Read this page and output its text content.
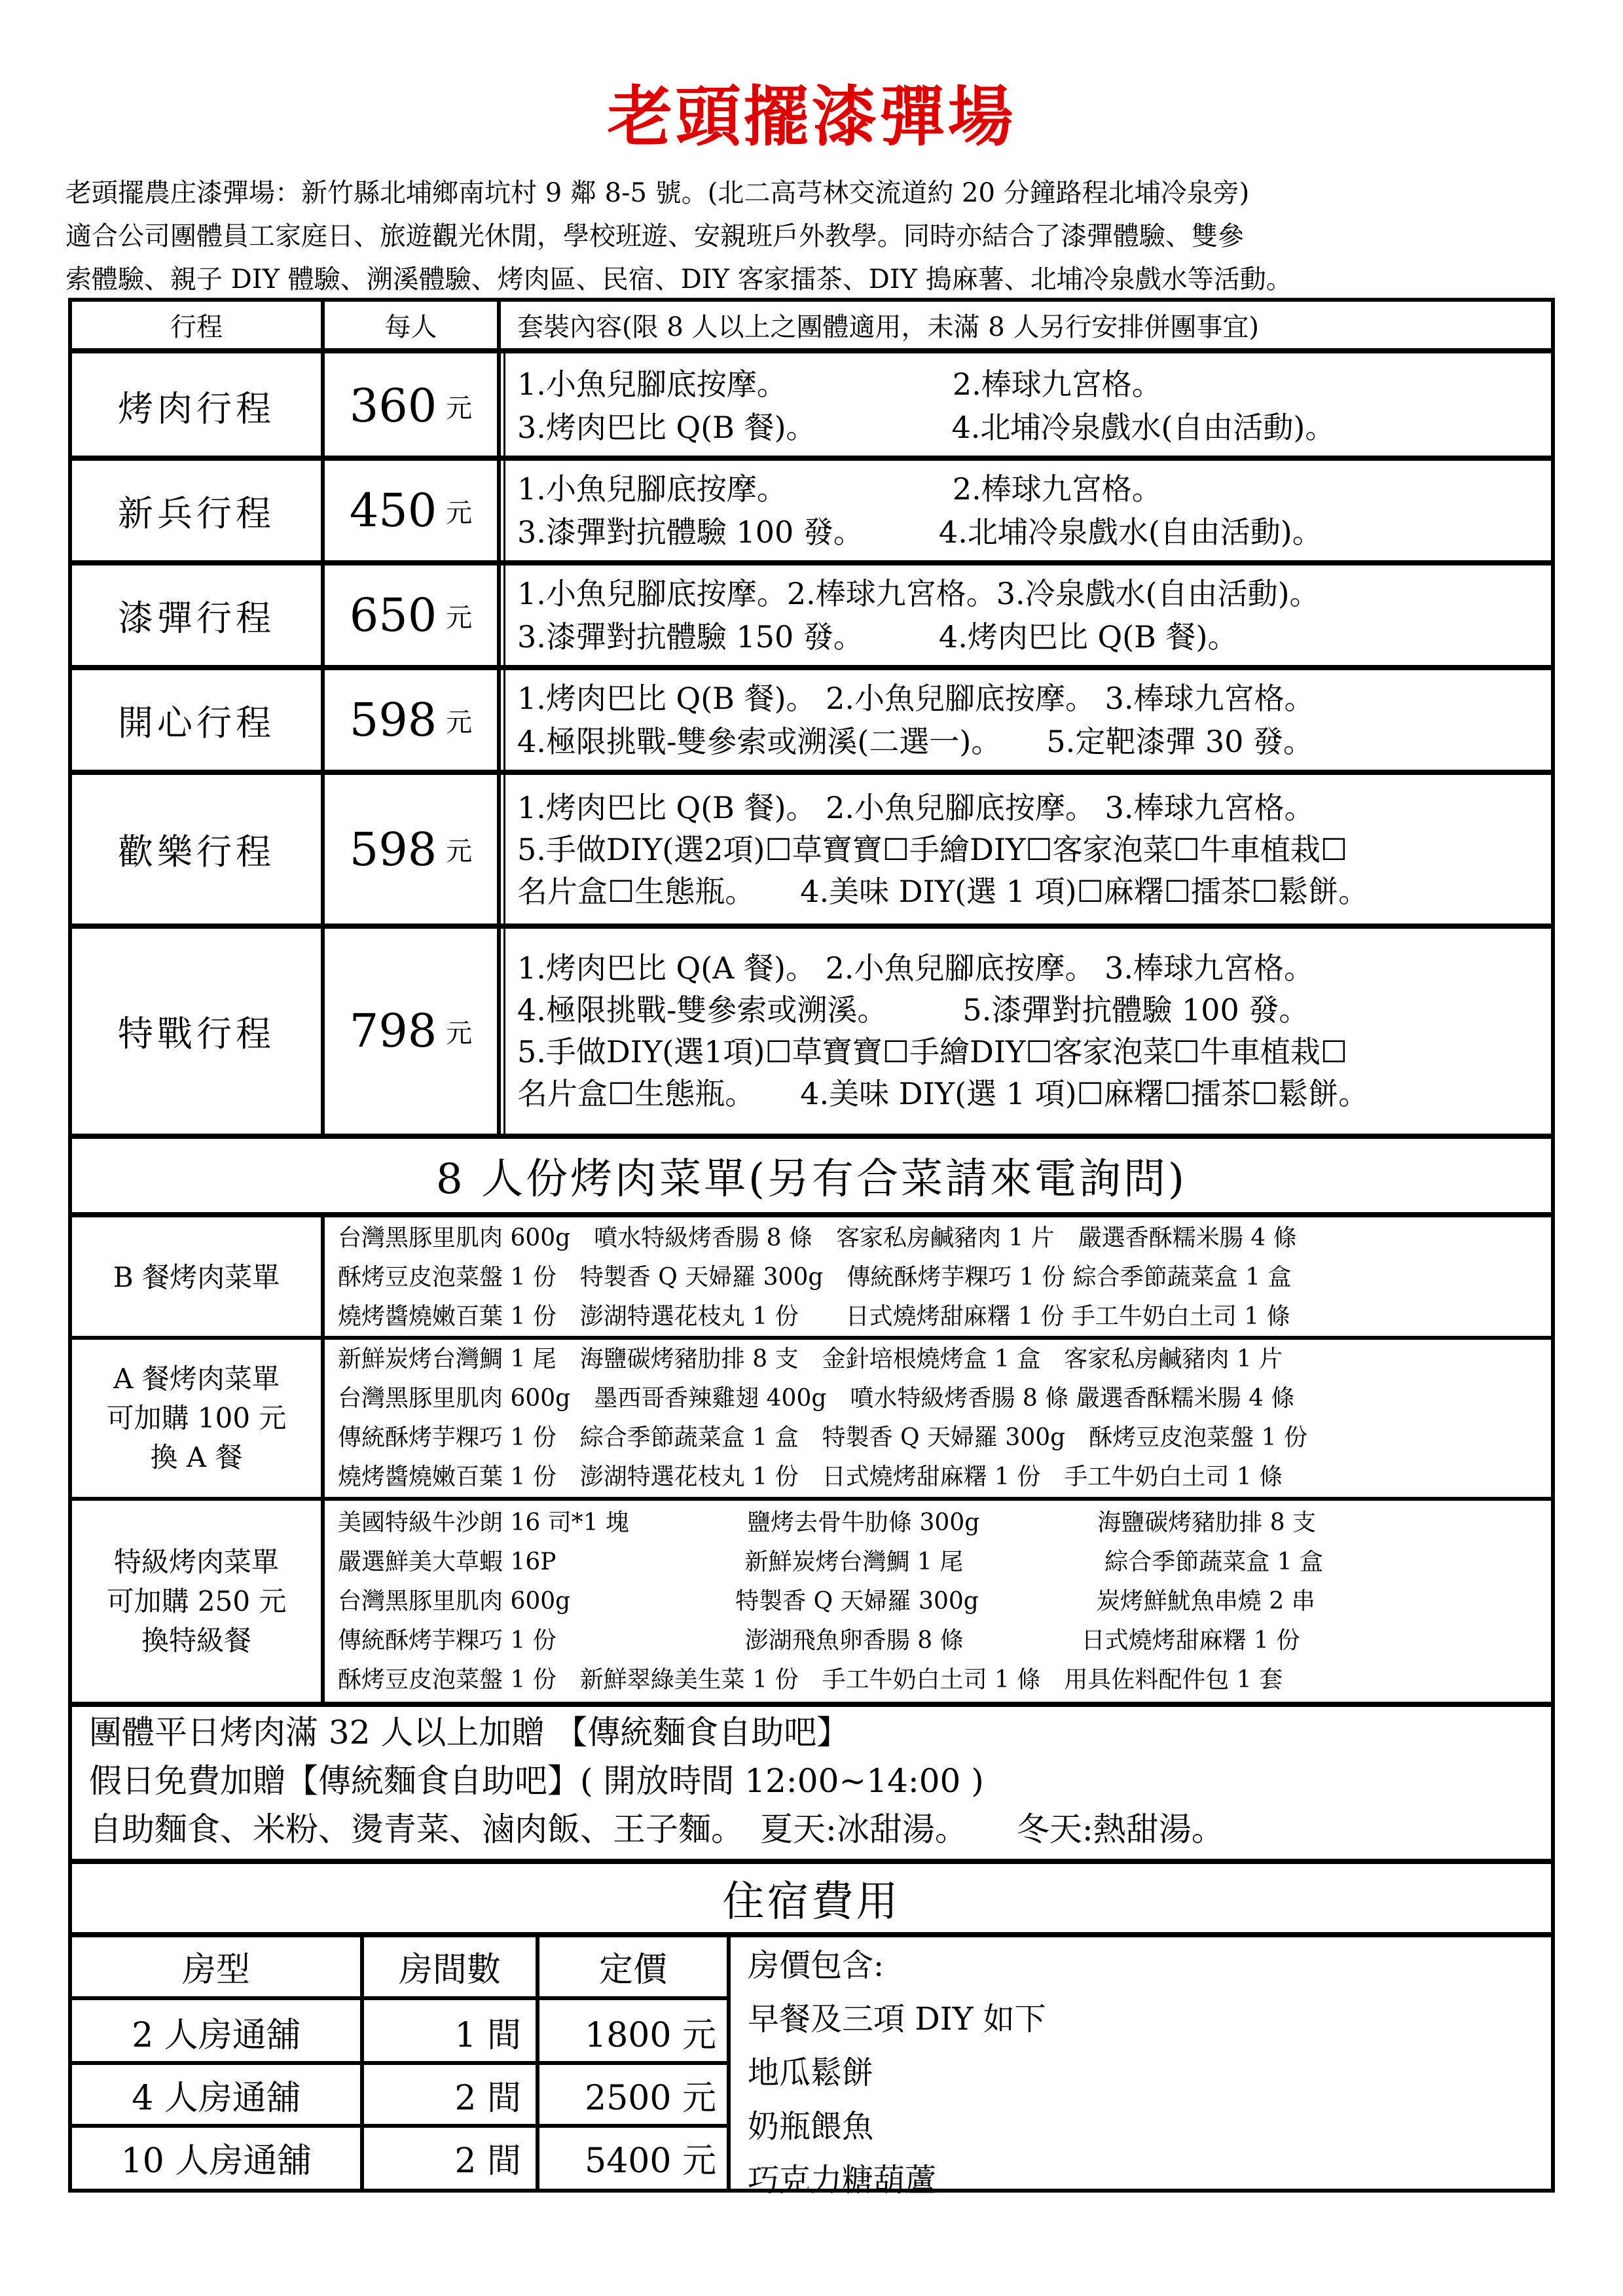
老頭擺漆彈場
老頭擺農庄漆彈場：新竹縣北埔鄉南坑村 9 鄰 8-5 號。(北二高芎林交流道約 20 分鐘路程北埔冷泉旁)
適合公司團體員工家庭日、旅遊觀光休閒，學校班遊、安親班戶外教學。同時亦結合了漆彈體驗、雙參
索體驗、親子 DIY 體驗、溯溪體驗、烤肉區、民宿、DIY 客家擂茶、DIY 搗麻薯、北埔冷泉戲水等活動。
行程	每人	套裝內容(限 8 人以上之團體適用，未滿 8 人另行安排併團事宜)
烤肉行程	360 元
1.小魚兒腳底按摩。　　　　　　2.棒球九宮格。
3.烤肉巴比 Q(B 餐)。　　　　　4.北埔冷泉戲水(自由活動)。
新兵行程	450 元
1.小魚兒腳底按摩。　　　　　　2.棒球九宮格。
3.漆彈對抗體驗 100 發。　　　4.北埔冷泉戲水(自由活動)。
漆彈行程	650 元
1.小魚兒腳底按摩。2.棒球九宮格。3.冷泉戲水(自由活動)。
3.漆彈對抗體驗 150 發。　　　4.烤肉巴比 Q(B 餐)。
開心行程	598 元
1.烤肉巴比 Q(B 餐)。 2.小魚兒腳底按摩。 3.棒球九宮格。
4.極限挑戰-雙參索或溯溪(二選一)。　　5.定靶漆彈 30 發。
歡樂行程	598 元
1.烤肉巴比 Q(B 餐)。 2.小魚兒腳底按摩。 3.棒球九宮格。
5.手做DIY(選2項)☐草寶寶☐手繪DIY☐客家泡菜☐牛車植栽☐
名片盒☐生態瓶。　　4.美味 DIY(選 1 項)☐麻糬☐擂茶☐鬆餅。
特戰行程	798 元
1.烤肉巴比 Q(A 餐)。 2.小魚兒腳底按摩。 3.棒球九宮格。
4.極限挑戰-雙參索或溯溪。　　　5.漆彈對抗體驗 100 發。
5.手做DIY(選1項)☐草寶寶☐手繪DIY☐客家泡菜☐牛車植栽☐
名片盒☐生態瓶。　　4.美味 DIY(選 1 項)☐麻糬☐擂茶☐鬆餅。
8 人份烤肉菜單(另有合菜請來電詢問)
B 餐烤肉菜單
台灣黑豚里肌肉 600g　噴水特級烤香腸 8 條　客家私房鹹豬肉 1 片　嚴選香酥糯米腸 4 條
酥烤豆皮泡菜盤 1 份　特製香 Q 天婦羅 300g　傳統酥烤芋粿巧 1 份 綜合季節蔬菜盒 1 盒
燒烤醬燒嫩百葉 1 份　澎湖特選花枝丸 1 份　　日式燒烤甜麻糬 1 份 手工牛奶白土司 1 條
A 餐烤肉菜單
可加購 100 元
換 A 餐
新鮮炭烤台灣鯛 1 尾　海鹽碳烤豬肋排 8 支　金針培根燒烤盒 1 盒　客家私房鹹豬肉 1 片
台灣黑豚里肌肉 600g　墨西哥香辣雞翅 400g　噴水特級烤香腸 8 條 嚴選香酥糯米腸 4 條
傳統酥烤芋粿巧 1 份　綜合季節蔬菜盒 1 盒　特製香 Q 天婦羅 300g　酥烤豆皮泡菜盤 1 份
燒烤醬燒嫩百葉 1 份　澎湖特選花枝丸 1 份　日式燒烤甜麻糬 1 份　手工牛奶白土司 1 條
特級烤肉菜單
可加購 250 元
換特級餐
美國特級牛沙朗 16 司*1 塊　　　　　鹽烤去骨牛肋條 300g　　　　　海鹽碳烤豬肋排 8 支
嚴選鮮美大草蝦 16P　　　　　　　　新鮮炭烤台灣鯛 1 尾　　　　　　綜合季節蔬菜盒 1 盒
台灣黑豚里肌肉 600g　　　　　　　特製香 Q 天婦羅 300g　　　　　炭烤鮮魷魚串燒 2 串
傳統酥烤芋粿巧 1 份　　　　　　　　澎湖飛魚卵香腸 8 條　　　　　日式燒烤甜麻糬 1 份
酥烤豆皮泡菜盤 1 份　新鮮翠綠美生菜 1 份　手工牛奶白土司 1 條　用具佐料配件包 1 套
團體平日烤肉滿 32 人以上加贈 【傳統麵食自助吧】
假日免費加贈【傳統麵食自助吧】( 開放時間 12:00~14:00 )
自助麵食、米粉、燙青菜、滷肉飯、王子麵。　夏天:冰甜湯。　　冬天:熱甜湯。
住宿費用
房型	房間數	定價
2 人房通舖	1 間	1800 元
4 人房通舖	2 間	2500 元
10 人房通舖	2 間	5400 元
房價包含:
早餐及三項 DIY 如下
地瓜鬆餅
奶瓶餵魚
巧克力糖葫蘆
